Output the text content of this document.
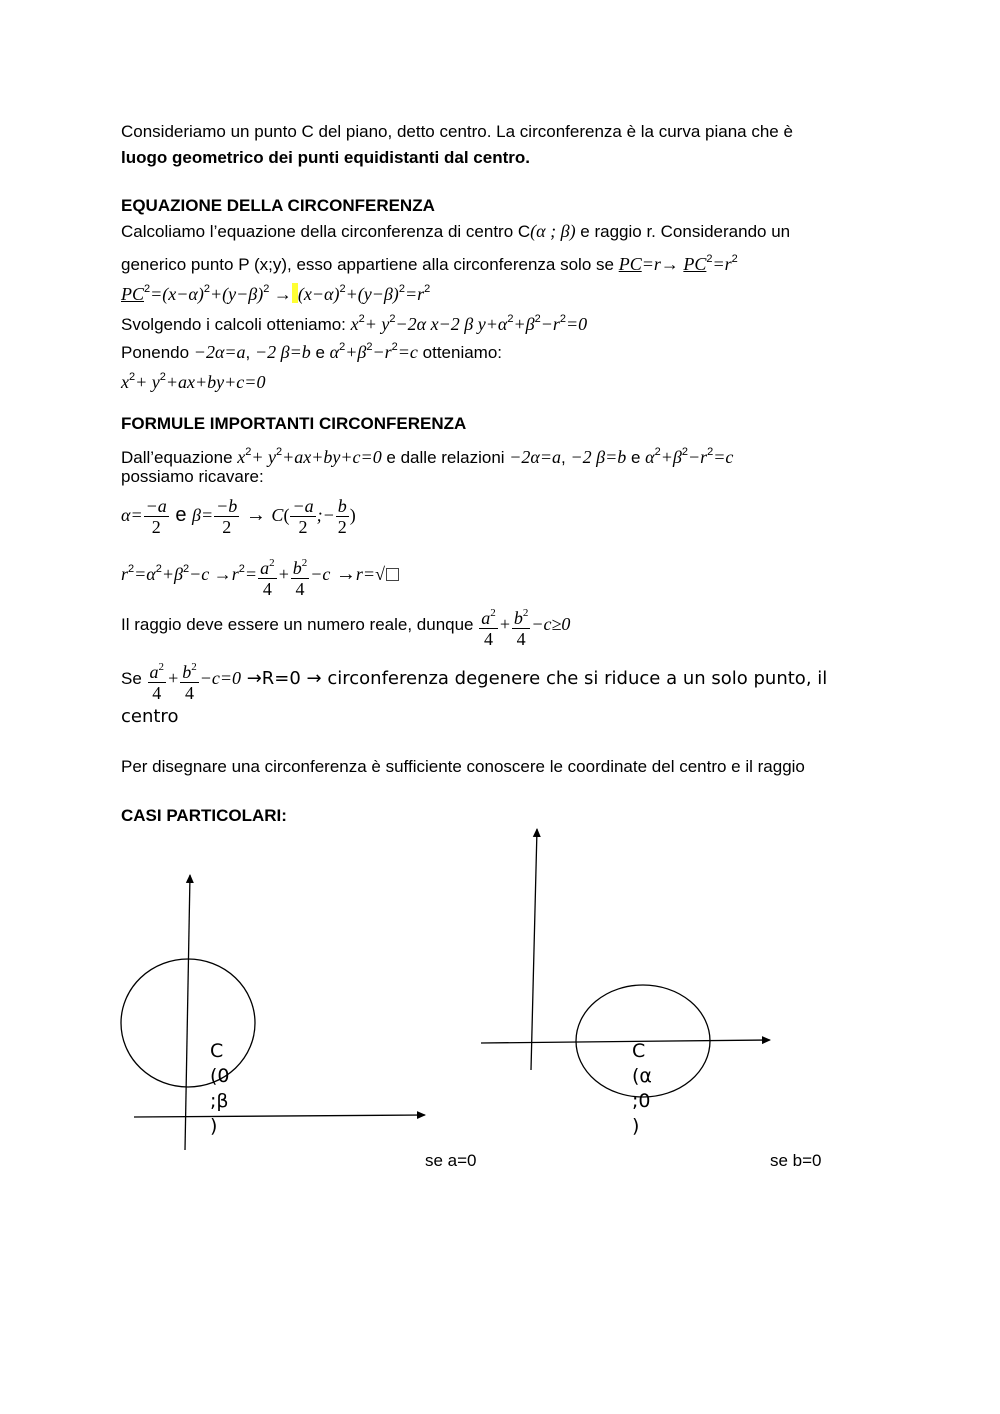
Consideriamo un punto C del piano, detto centro. La circonferenza è la curva piana che è
luogo geometrico dei punti equidistanti dal centro.
EQUAZIONE DELLA CIRCONFERENZA
Calcoliamo l’equazione della circonferenza di centro C(α ; β) e raggio r. Considerando un
generico punto P (x;y), esso appartiene alla circonferenza solo se $PC=r\to PC^2=r^2$
$PC^2=(x-\alpha)^2+(y-\beta)^2 \to (x-\alpha)^2+(y-\beta)^2=r^2$
Svolgendo i calcoli otteniamo: $x^2+ y^2-2\alpha$ x−2 β $y+\alpha^2+\beta^2-r^2=0$
Ponendo −2α=a, −2 β=b e $\alpha^2+\beta^2-r^2=c$ otteniamo:
$x^2+ y^2+ax+by+c=0$
FORMULE IMPORTANTI CIRCONFERENZA
Dall’equazione $x^2+ y^2+ax+by+c=0$ e dalle relazioni −2α=a, −2 β=b e $\alpha^2+\beta^2-r^2=c$
possiamo ricavare:
$\alpha= \frac{-a}{2}$ e $\beta= \frac{-b}{2} \to C( \frac{-a}{2}$ ;− $\frac{b}{2}$ )
$r^2=\alpha^2+\beta^2-c \to r^2= \frac{a^2}{4} + \frac{b^2}{4} -c \to r=√$
Il raggio deve essere un numero reale, dunque $\frac{a^2}{4} + \frac{b^2}{4} -c\ge 0$
Se $\frac{a^2}{4} + \frac{b^2}{4} -c=0 \to R=0$ → circonferenza degenere che si riduce a un solo punto, il
centro
Per disegnare una circonferenza è sufficiente conoscere le coordinate del centro e il raggio
CASI PARTICOLARI:
C
(0
;β
)
C
(α
;0
)
se a=0	se b=0
